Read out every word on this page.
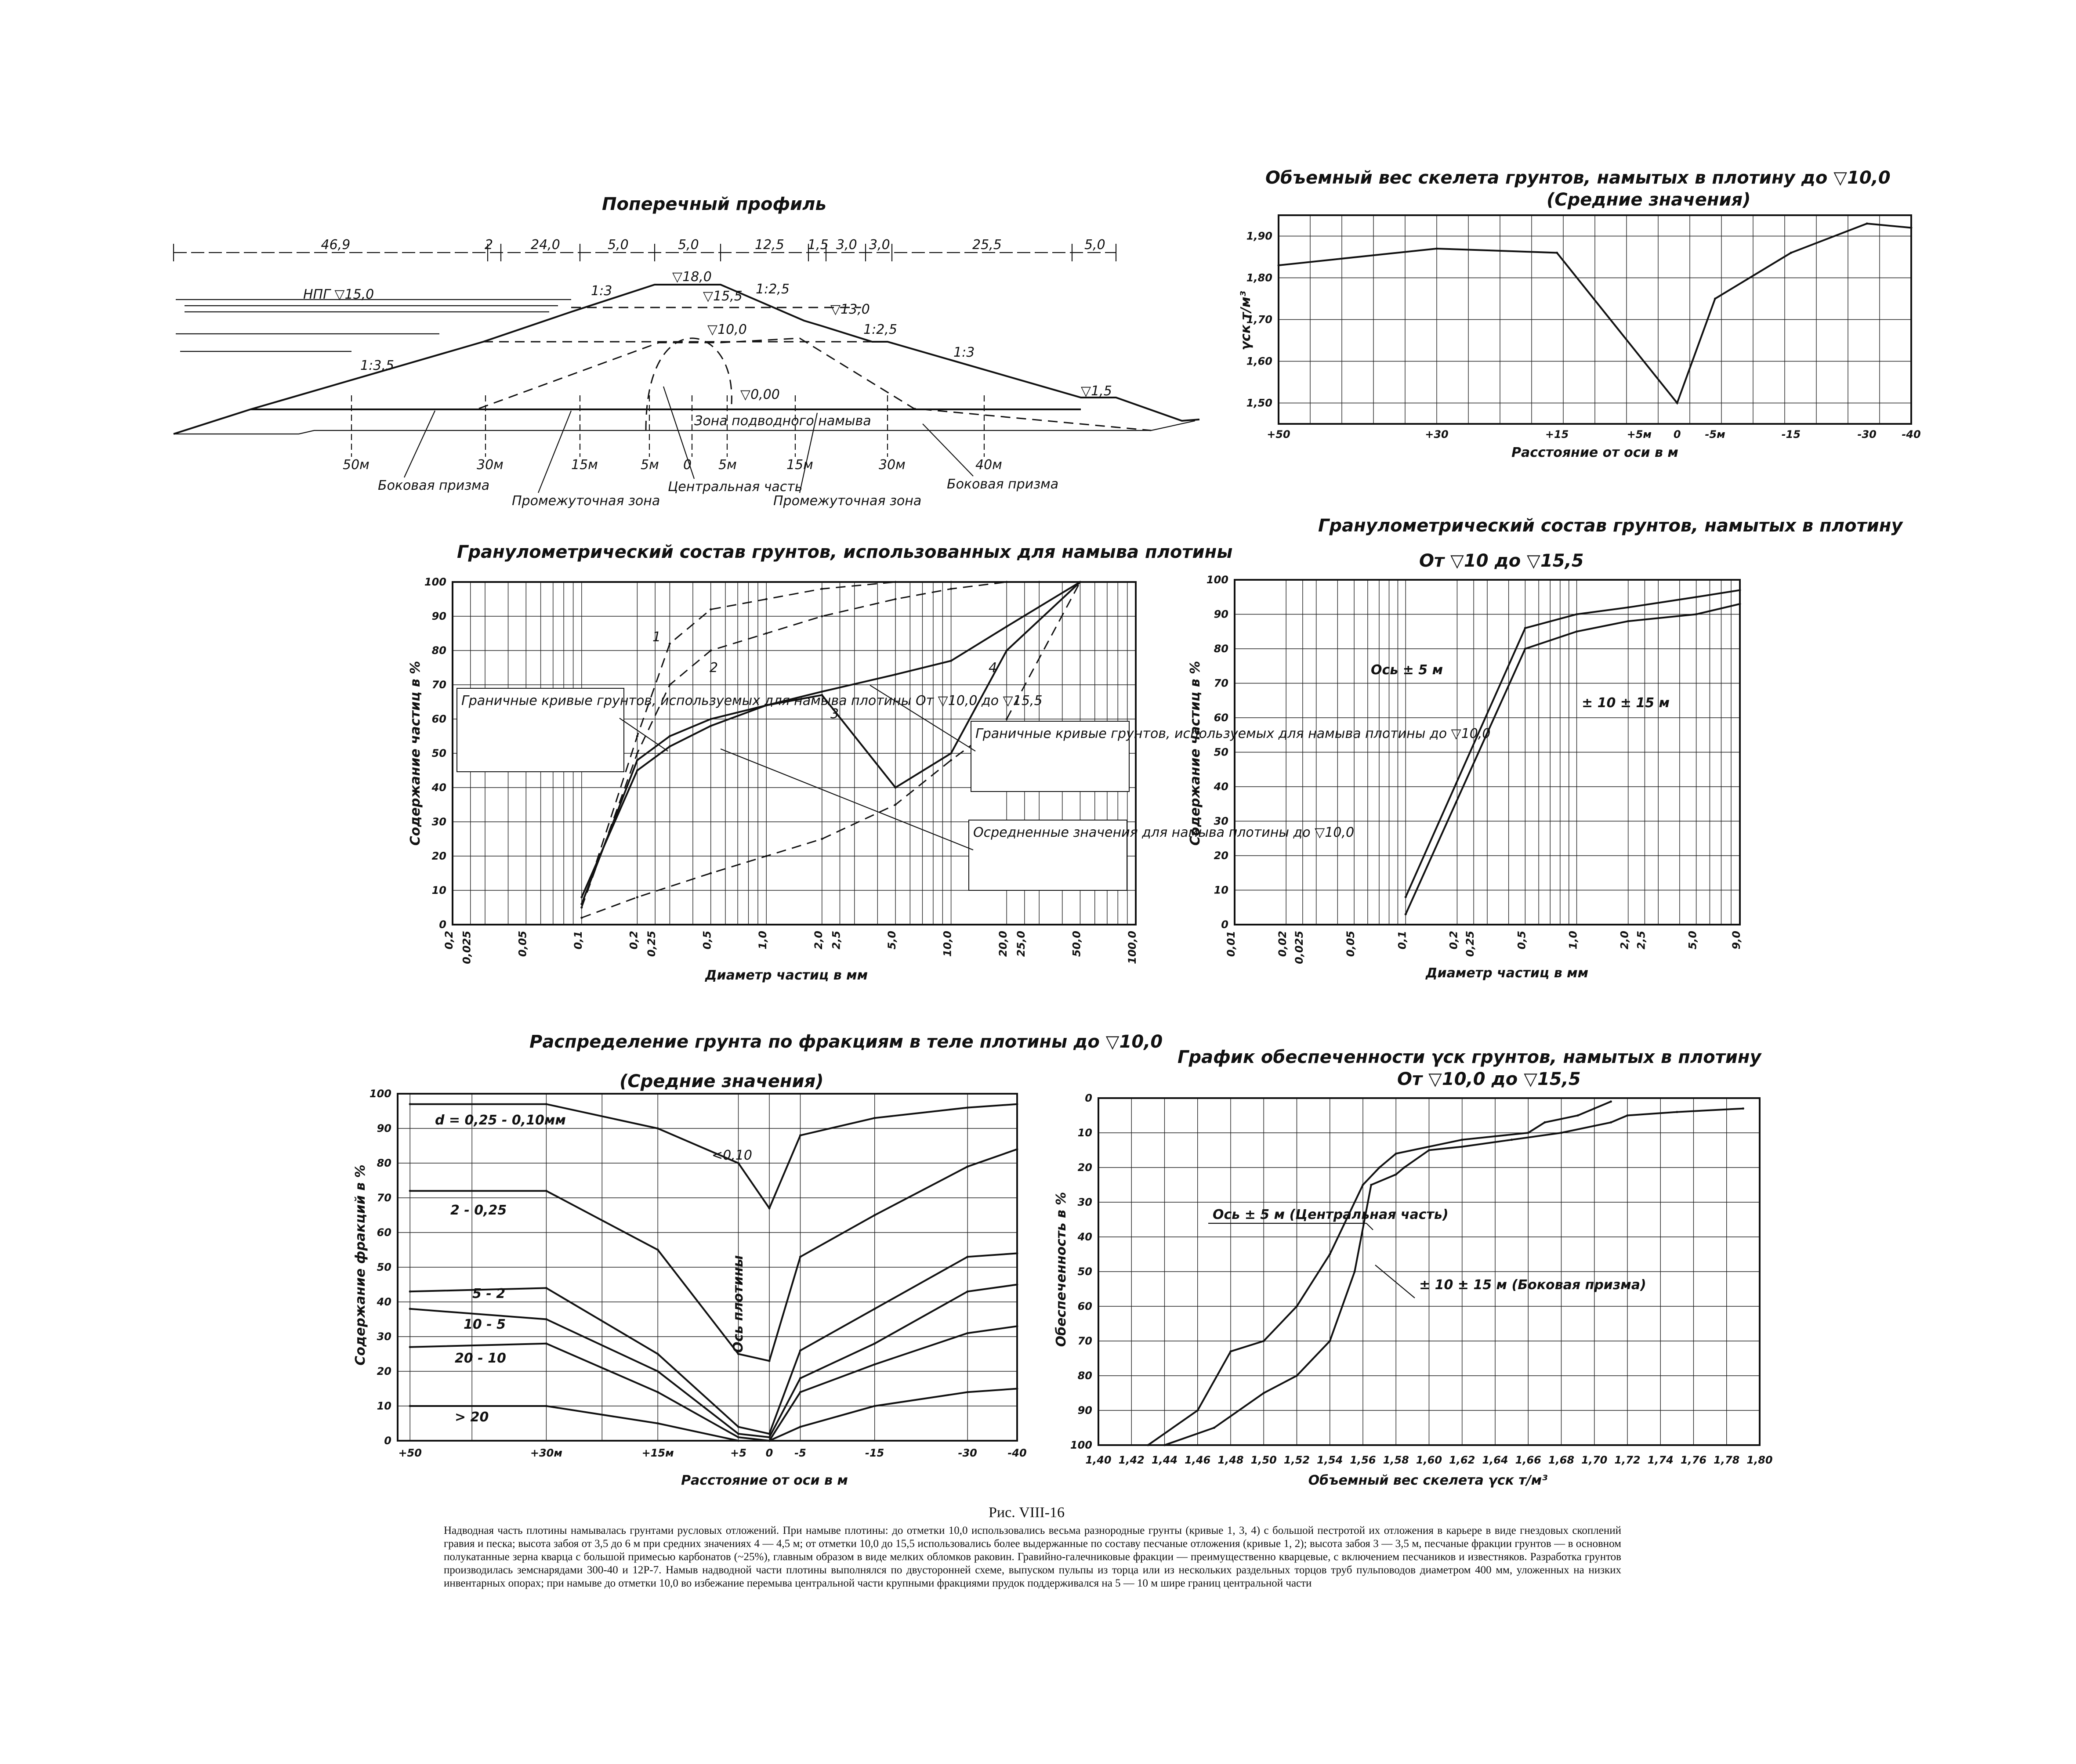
Поперечный профиль
46,9	2	24,0	5,0	5,0	12,5 1,5 3,0 3,0	25,5	5,0
НПГ ▽15,0
▽18,0
▽15,5
▽13,0
▽10,0
▽0,00	▽1,5
1:3,5
1:3	1:2,5
1:2,5
1:3
50м	30м	15м	5м 0 5м	15м	30м	40м
Зона подводного намыва
Боковая призма
Промежуточная зона
Центральная часть
Промежуточная зона
Боковая призма
Объемный вес скелета грунтов, намытых в плотину до ▽10,0
(Средние значения)
+50	+30	+15	+5м 0 -5м	-15	-30 -40
1,90
1,80
1,70
1,60
1,50
Расстояние от оси в м
γск т/м³
Гранулометрический состав грунтов, использованных для намыва плотины
0,2 0,025	0,05	0,1	0,2 0,25	0,5	1,0	2,0 2,5	5,0	10,0	20,0 25,0	50,0	100,0
100
90
80
70
60
50
40
30
20
10
0
Диаметр частиц в мм
Содержание частиц в %
1
2
3
4
Граничные кривые грунтов, используемых для намыва плотины От ▽10,0 до ▽15,5
Граничные кривые грунтов, используемых для намыва плотины до ▽10,0
Осредненные значения для намыва плотины до ▽10,0
Гранулометрический состав грунтов, намытых в плотину
От ▽10 до ▽15,5
0,01	0,02 0,025	0,05	0,1	0,2 0,25	0,5	1,0	2,0 2,5	5,0	9,0
100
90
80
70
60
50
40
30
20
10
0
Диаметр частиц в мм
Содержание частиц в %	Ось ± 5 м
± 10 ± 15 м
Распределение грунта по фракциям в теле плотины до ▽10,0
(Средние значения)
+50	+30м	+15м	+5 0 -5	-15	-30	-40
100
90
80
70
60
50
40
30
20
10
0
Расстояние от оси в м
Содержание фракций в %
d = 0,25 - 0,10мм
2 - 0,25
5 - 2
10 - 5
20 - 10
> 20
<0,10
Ось плотины
График обеспеченности γск грунтов, намытых в плотину
От ▽10,0 до ▽15,5
1,40 1,42 1,44 1,46 1,48 1,50 1,52 1,54 1,56 1,58 1,60 1,62 1,64 1,66 1,68 1,70 1,72 1,74 1,76 1,78 1,80
0
10
20
30
40
50
60
70
80
90
100
Объемный вес скелета γск т/м³
Обеспеченность в %	Ось ± 5 м (Центральная часть)
± 10 ± 15 м (Боковая призма)
Рис. VIII-16
Надводная часть плотины намывалась грунтами русловых отложений. При намыве плотины: до отметки 10,0 использовались весьма разнородные грунты (кривые 1, 3, 4) с большой пестротой их отложения в карьере в виде гнездовых скоплений гравия и песка; высота забоя от 3,5 до 6 м при средних значениях 4 — 4,5 м; от отметки 10,0 до 15,5 использовались более выдержанные по составу песчаные отложения (кривые 1, 2); высота забоя 3 — 3,5 м, песчаные фракции грунтов — в основном полукатанные зерна кварца с большой примесью карбонатов (~25%), главным образом в виде мелких обломков раковин. Гравийно-галечниковые фракции — преимущественно кварцевые, с включением песчаников и известняков. Разработка грунтов производилась земснарядами 300-40 и 12Р-7. Намыв надводной части плотины выполнялся по двусторонней схеме, выпуском пульпы из торца или из нескольких раздельных торцов труб пульповодов диаметром 400 мм, уложенных на низких инвентарных опорах; при намыве до отметки 10,0 во избежание перемыва центральной части крупными фракциями прудок поддерживался на 5 — 10 м шире границ центральной части
